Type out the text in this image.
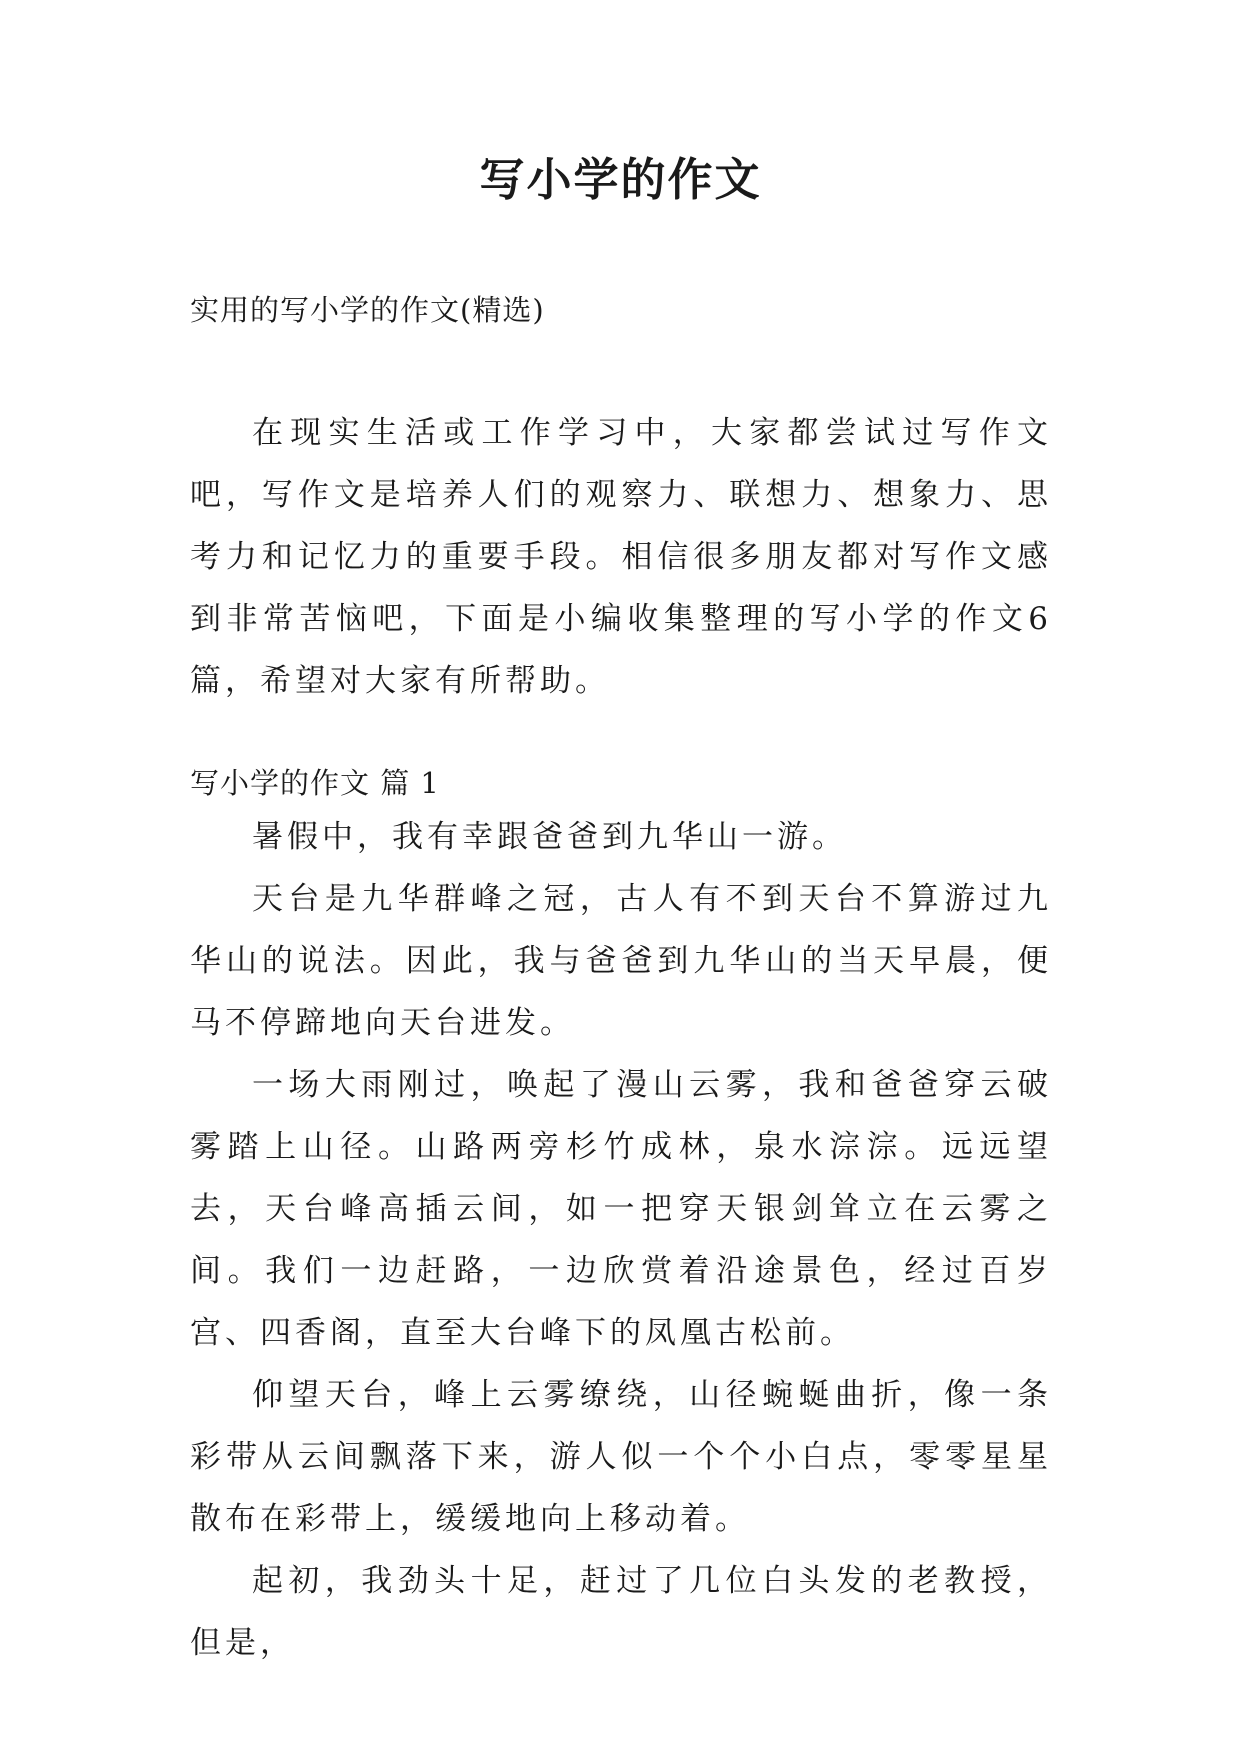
写小学的作文
实用的写小学的作文(精选)

在现实生活或工作学习中，大家都尝试过写作文吧，写作文是培养人们的观察力、联想力、想象力、思考力和记忆力的重要手段。相信很多朋友都对写作文感到非常苦恼吧，下面是小编收集整理的写小学的作文6篇，希望对大家有所帮助。

写小学的作文 篇 1

暑假中，我有幸跟爸爸到九华山一游。

天台是九华群峰之冠，古人有不到天台不算游过九华山的说法。因此，我与爸爸到九华山的当天早晨，便马不停蹄地向天台进发。

一场大雨刚过，唤起了漫山云雾，我和爸爸穿云破雾踏上山径。山路两旁杉竹成林，泉水淙淙。远远望去，天台峰高插云间，如一把穿天银剑耸立在云雾之间。我们一边赶路，一边欣赏着沿途景色，经过百岁宫、四香阁，直至大台峰下的凤凰古松前。

仰望天台，峰上云雾缭绕，山径蜿蜒曲折，像一条彩带从云间飘落下来，游人似一个个小白点，零零星星散布在彩带上，缓缓地向上移动着。

起初，我劲头十足，赶过了几位白头发的老教授，但是，
